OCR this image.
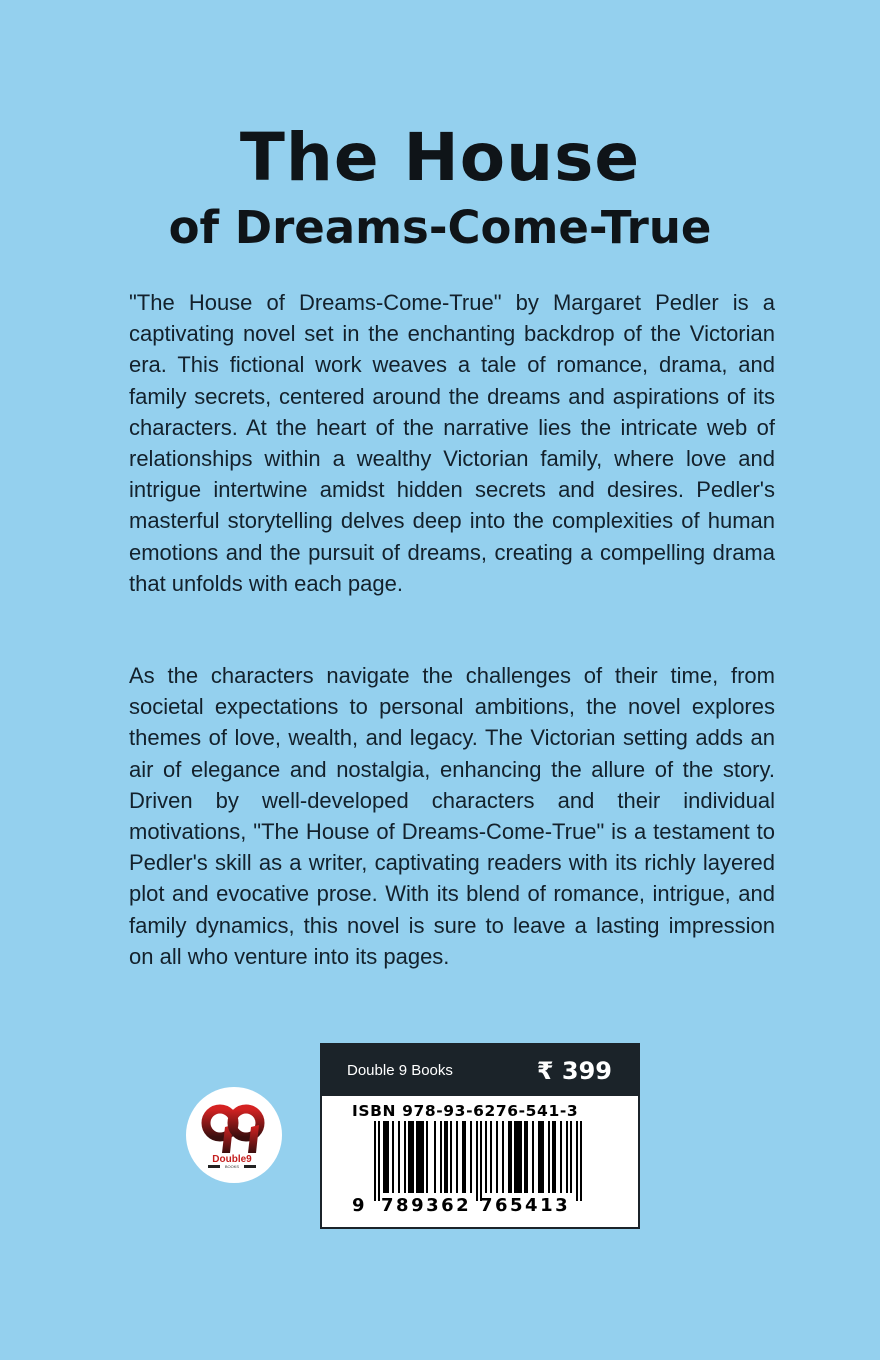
The House
of Dreams-Come-True

"The House of Dreams-Come-True" by Margaret Pedler is a captivating novel set in the enchanting backdrop of the Victorian era. This fictional work weaves a tale of romance, drama, and family secrets, centered around the dreams and aspirations of its characters. At the heart of the narrative lies the intricate web of relationships within a wealthy Victorian family, where love and intrigue intertwine amidst hidden secrets and desires. Pedler's masterful storytelling delves deep into the complexities of human emotions and the pursuit of dreams, creating a compelling drama that unfolds with each page.

As the characters navigate the challenges of their time, from societal expectations to personal ambitions, the novel explores themes of love, wealth, and legacy. The Victorian setting adds an air of elegance and nostalgia, enhancing the allure of the story. Driven by well-developed characters and their individual motivations, "The House of Dreams-Come-True" is a testament to Pedler's skill as a writer, captivating readers with its richly layered plot and evocative prose. With its blend of romance, intrigue, and family dynamics, this novel is sure to leave a lasting impression on all who venture into its pages.

Double9
BOOKS
Double 9 Books	₹ 399
ISBN 978-93-6276-541-3
9 789362 765413
